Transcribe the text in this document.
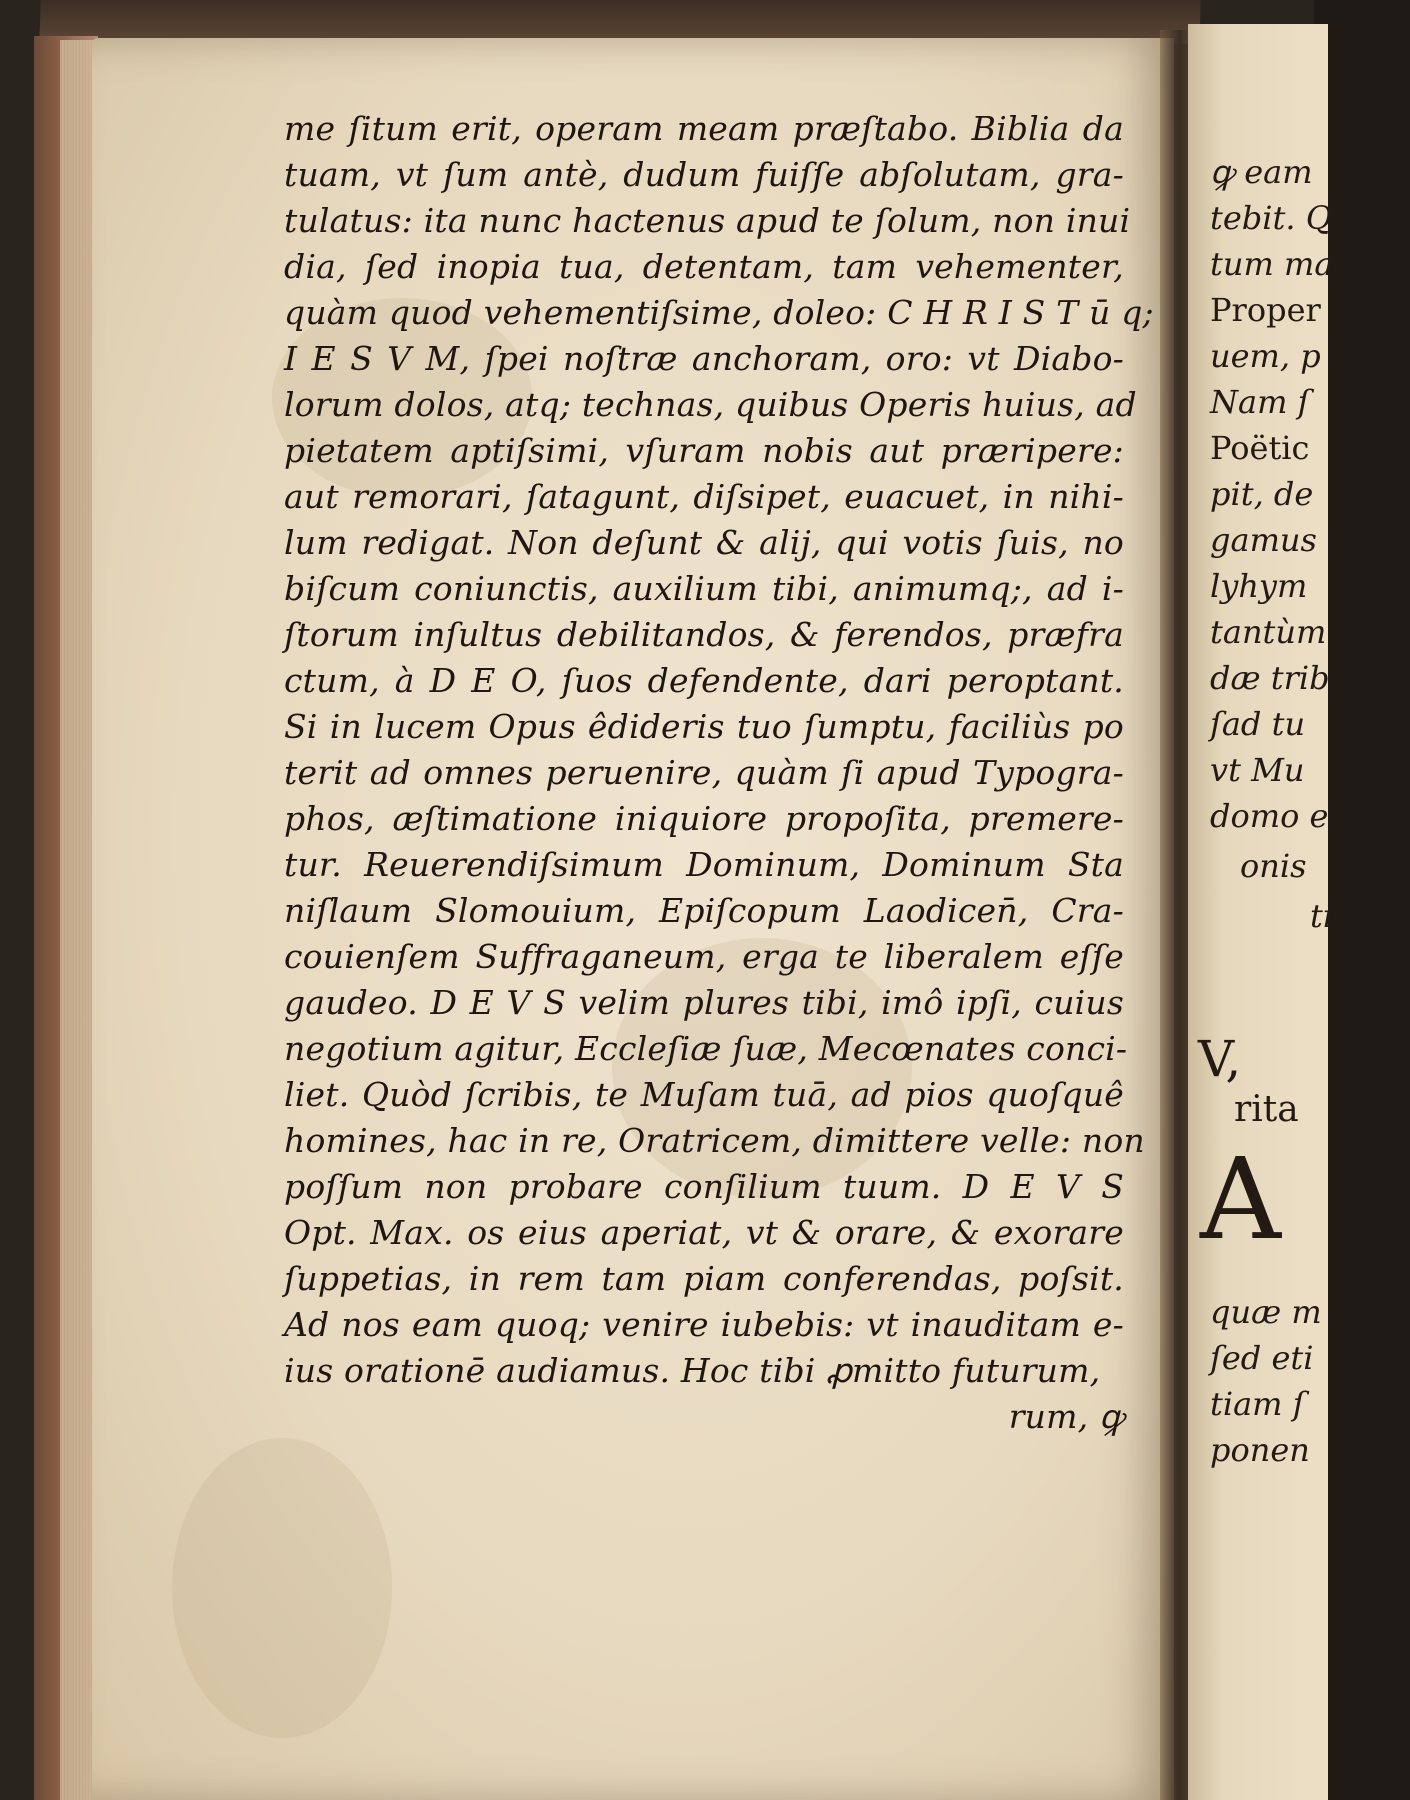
me ſitum erit, operam meam præſtabo. Biblia da
tuam, vt ſum antè, dudum fuiſſe abſolutam, gra-
tulatus: ita nunc hactenus apud te ſolum, non inui
dia, ſed inopia tua, detentam, tam vehementer,
quàm quod vehementiſsime, doleo: C H R I S T ū q;
I E S V M, ſpei noſtræ anchoram, oro: vt Diabo-
lorum dolos, atq; technas, quibus Operis huius, ad
pietatem aptiſsimi, vſuram nobis aut præripere:
aut remorari, ſatagunt, diſsipet, euacuet, in nihi-
lum redigat. Non deſunt & alij, qui votis ſuis, no
biſcum coniunctis, auxilium tibi, animumq;, ad i-
ſtorum inſultus debilitandos, & ferendos, præfra
ctum, à D E O, ſuos defendente, dari peroptant.
Si in lucem Opus êdideris tuo ſumptu, faciliùs po
terit ad omnes peruenire, quàm ſi apud Typogra-
phos, æſtimatione iniquiore propoſita, premere-
tur. Reuerendiſsimum Dominum, Dominum Sta
niſlaum Slomouium, Epiſcopum Laodicen̄, Cra-
couienſem Suffraganeum, erga te liberalem eſſe
gaudeo. D E V S velim plures tibi, imô ipſi, cuius
negotium agitur, Eccleſiæ ſuæ, Mecœnates conci-
liet. Quòd ſcribis, te Muſam tuā, ad pios quoſquê
homines, hac in re, Oratricem, dimittere velle: non
poſſum non probare conſilium tuum. D E V S
Opt. Max. os eius aperiat, vt & orare, & exorare
ſuppetias, in rem tam piam conferendas, poſsit.
Ad nos eam quoq; venire iubebis: vt inauditam e-
ius orationē audiamus. Hoc tibi ꝓmitto futurum,
rum, ꝙ
ꝙ eam
tebit. Q
tum ma
Proper
uem, p
Nam ſ
Poëtic
pit, de
gamus
lyhym
tantùm
dæ trib
ſad tu
vt Mu
domo e
onis
ti
V,
rita
A
quæ m
ſed eti
tiam ſ
ponen
